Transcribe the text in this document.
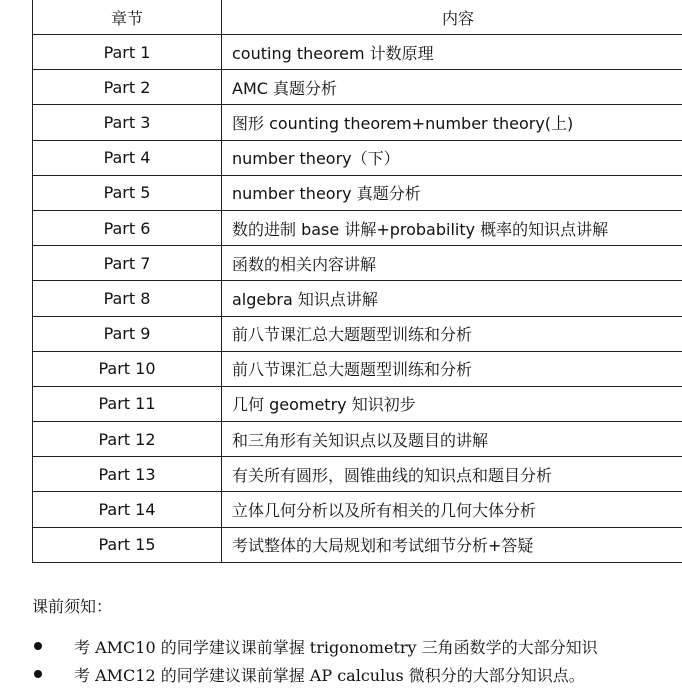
章节	内容
Part 1	couting theorem 计数原理
Part 2	AMC 真题分析
Part 3	图形 counting theorem+number theory(上)
Part 4	number theory（下）
Part 5	number theory 真题分析
Part 6	数的进制 base 讲解+probability 概率的知识点讲解
Part 7	函数的相关内容讲解
Part 8	algebra 知识点讲解
Part 9	前八节课汇总大题题型训练和分析
Part 10	前八节课汇总大题题型训练和分析
Part 11	几何 geometry 知识初步
Part 12	和三角形有关知识点以及题目的讲解
Part 13	有关所有圆形，圆锥曲线的知识点和题目分析
Part 14	立体几何分析以及所有相关的几何大体分析
Part 15	考试整体的大局规划和考试细节分析+答疑
课前须知：
考 AMC10 的同学建议课前掌握 trigonometry 三角函数学的大部分知识
考 AMC12 的同学建议课前掌握 AP calculus 微积分的大部分知识点。
